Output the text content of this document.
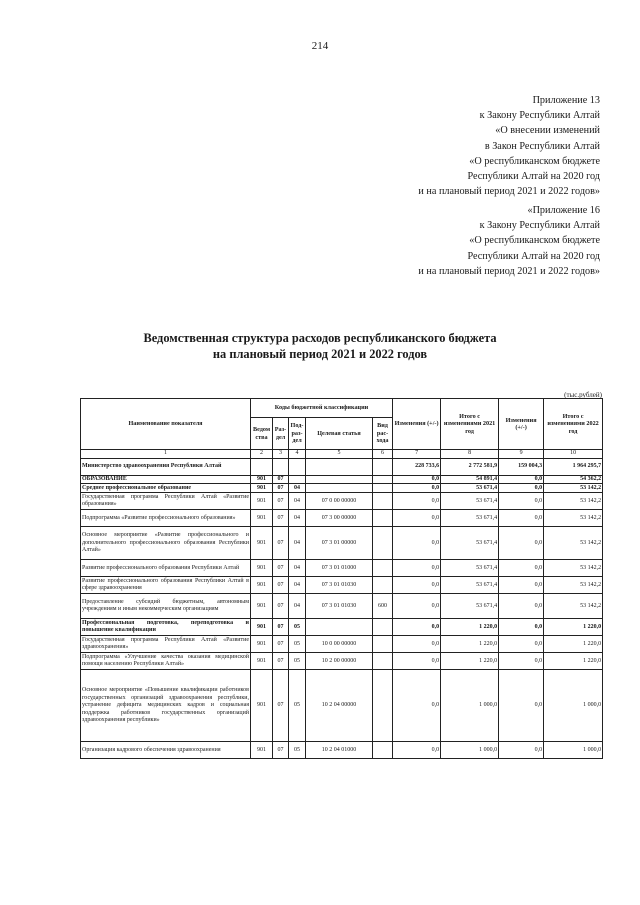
214
Приложение 13
к Закону Республики Алтай
«О внесении изменений
в Закон Республики Алтай
«О республиканском бюджете
Республики Алтай на 2020 год
и на плановый период 2021 и 2022 годов»
«Приложение 16
к Закону Республики Алтай
«О республиканском бюджете
Республики Алтай на 2020 год
и на плановый период 2021 и 2022 годов»
Ведомственная структура расходов республиканского бюджета
на плановый период 2021 и 2022 годов
(тыс.рублей)
Наименование показателя	Коды бюджетной классификации					Изменения (+/-)	Итого с изменениями 2021 год	Изменения (+/-)	Итого с изменениями 2022 год
	Ведом ства	Раз- дел	Под- раз- дел	Целевая статья	Вид рас- хода				
1	2	3	4	5	6	7	8	9	10
Министерство здравоохранения Республики Алтай						228 733,6	2 772 581,9	159 004,3	1 964 295,7
ОБРАЗОВАНИЕ	901	07				0,0	54 891,4	0,0	54 362,2
Среднее профессиональное образование	901	07	04			0,0	53 671,4	0,0	53 142,2
Государственная программа Республики Алтай «Развитие образования»	901	07	04	07 0 00 00000		0,0	53 671,4	0,0	53 142,2
Подпрограмма «Развитие профессионального образования»	901	07	04	07 3 00 00000		0,0	53 671,4	0,0	53 142,2
Основное мероприятие «Развитие профессионального и дополнительного профессионального образования Республики Алтай»	901	07	04	07 3 01 00000		0,0	53 671,4	0,0	53 142,2
Развитие профессионального образования Республики Алтай	901	07	04	07 3 01 01000		0,0	53 671,4	0,0	53 142,2
Развитие профессионального образования Республики Алтай в сфере здравоохранения	901	07	04	07 3 01 01030		0,0	53 671,4	0,0	53 142,2
Предоставление субсидий бюджетным, автономным учреждениям и иным некоммерческим организациям	901	07	04	07 3 01 01030	600	0,0	53 671,4	0,0	53 142,2
Профессиональная подготовка, переподготовка и повышение квалификации	901	07	05			0,0	1 220,0	0,0	1 220,0
Государственная программа Республики Алтай «Развитие здравоохранения»	901	07	05	10 0 00 00000		0,0	1 220,0	0,0	1 220,0
Подпрограмма «Улучшение качества оказания медицинской помощи населению Республики Алтай»	901	07	05	10 2 00 00000		0,0	1 220,0	0,0	1 220,0
Основное мероприятие «Повышение квалификации работников государственных организаций здравоохранения республики, устранение дефицита медицинских кадров и социальная поддержка работников государственных организаций здравоохранения республики»	901	07	05	10 2 04 00000		0,0	1 000,0	0,0	1 000,0
Организация кадрового обеспечения здравоохранения	901	07	05	10 2 04 01000		0,0	1 000,0	0,0	1 000,0
